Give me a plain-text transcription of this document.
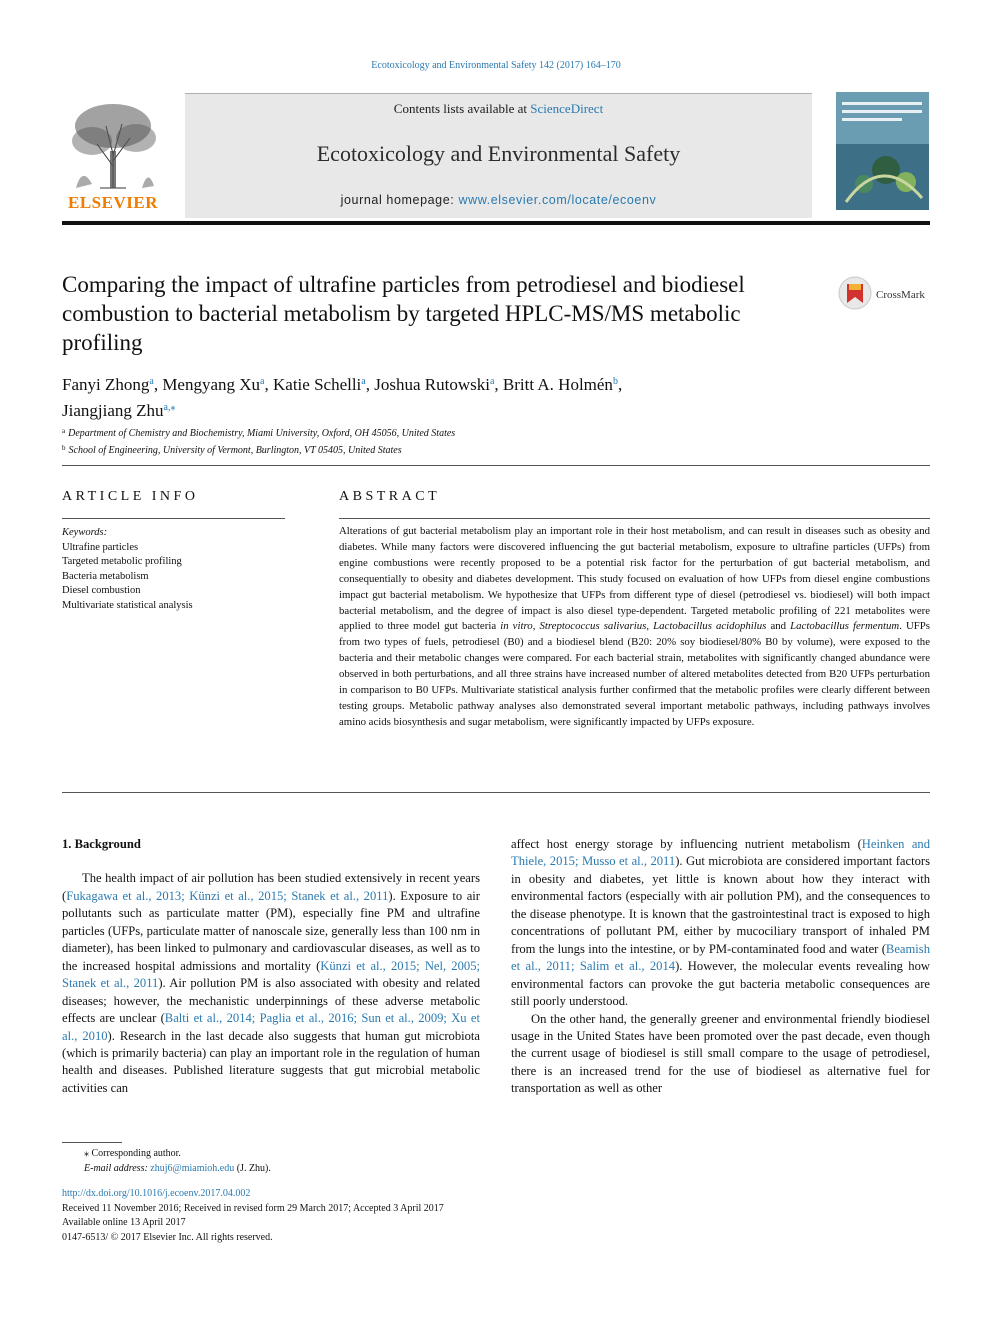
Ecotoxicology and Environmental Safety 142 (2017) 164–170
ELSEVIER
Contents lists available at ScienceDirect
Ecotoxicology and Environmental Safety
journal homepage: www.elsevier.com/locate/ecoenv
Comparing the impact of ultrafine particles from petrodiesel and biodiesel combustion to bacterial metabolism by targeted HPLC-MS/MS metabolic profiling
CrossMark
Fanyi Zhong$^a$, Mengyang Xu$^a$, Katie Schelli$^a$, Joshua Rutowski$^a$, Britt A. Holmén$^b$,
Jiangjiang Zhu$^{a,⁎}$
$^a$ Department of Chemistry and Biochemistry, Miami University, Oxford, OH 45056, United States
$^b$ School of Engineering, University of Vermont, Burlington, VT 05405, United States
ARTICLE INFO	ABSTRACT
Keywords:
Ultrafine particles
Targeted metabolic profiling
Bacteria metabolism
Diesel combustion
Multivariate statistical analysis
Alterations of gut bacterial metabolism play an important role in their host metabolism, and can result in diseases such as obesity and diabetes. While many factors were discovered influencing the gut bacterial metabolism, exposure to ultrafine particles (UFPs) from engine combustions were recently proposed to be a potential risk factor for the perturbation of gut bacterial metabolism, and consequentially to obesity and diabetes development. This study focused on evaluation of how UFPs from diesel engine combustions impact gut bacterial metabolism. We hypothesize that UFPs from different type of diesel (petrodiesel vs. biodiesel) will both impact bacterial metabolism, and the degree of impact is also diesel type-dependent. Targeted metabolic profiling of 221 metabolites were applied to three model gut bacteria in vitro, Streptococcus salivarius, Lactobacillus acidophilus and Lactobacillus fermentum. UFPs from two types of fuels, petrodiesel (B0) and a biodiesel blend (B20: 20% soy biodiesel/80% B0 by volume), were exposed to the bacteria and their metabolic changes were compared. For each bacterial strain, metabolites with significantly changed abundance were observed in both perturbations, and all three strains have increased number of altered metabolites detected from B20 UFPs perturbation in comparison to B0 UFPs. Multivariate statistical analysis further confirmed that the metabolic profiles were clearly different between testing groups. Metabolic pathway analyses also demonstrated several important metabolic pathways, including pathways involves amino acids biosynthesis and sugar metabolism, were significantly impacted by UFPs exposure.
1. Background
The health impact of air pollution has been studied extensively in recent years (Fukagawa et al., 2013; Künzi et al., 2015; Stanek et al., 2011). Exposure to air pollutants such as particulate matter (PM), especially fine PM and ultrafine particles (UFPs, particulate matter of nanoscale size, generally less than 100 nm in diameter), has been linked to pulmonary and cardiovascular diseases, as well as to the increased hospital admissions and mortality (Künzi et al., 2015; Nel, 2005; Stanek et al., 2011). Air pollution PM is also associated with obesity and related diseases; however, the mechanistic underpinnings of these adverse metabolic effects are unclear (Balti et al., 2014; Paglia et al., 2016; Sun et al., 2009; Xu et al., 2010). Research in the last decade also suggests that human gut microbiota (which is primarily bacteria) can play an important role in the regulation of human health and diseases. Published literature suggests that gut microbial metabolic activities can
affect host energy storage by influencing nutrient metabolism (Heinken and Thiele, 2015; Musso et al., 2011). Gut microbiota are considered important factors in obesity and diabetes, yet little is known about how they interact with environmental factors (especially with air pollution PM), and the consequences to the disease phenotype. It is known that the gastrointestinal tract is exposed to high concentrations of pollutant PM, either by mucociliary transport of inhaled PM from the lungs into the intestine, or by PM-contaminated food and water (Beamish et al., 2011; Salim et al., 2014). However, the molecular events revealing how environmental factors can provoke the gut bacteria metabolic consequences are still poorly understood.
On the other hand, the generally greener and environmental friendly biodiesel usage in the United States have been promoted over the past decade, even though the current usage of biodiesel is still small compare to the usage of petrodiesel, there is an increased trend for the use of biodiesel as alternative fuel for transportation as well as other
⁎ Corresponding author.
E-mail address: zhuj6@miamioh.edu (J. Zhu).
http://dx.doi.org/10.1016/j.ecoenv.2017.04.002
Received 11 November 2016; Received in revised form 29 March 2017; Accepted 3 April 2017
Available online 13 April 2017
0147-6513/ © 2017 Elsevier Inc. All rights reserved.
